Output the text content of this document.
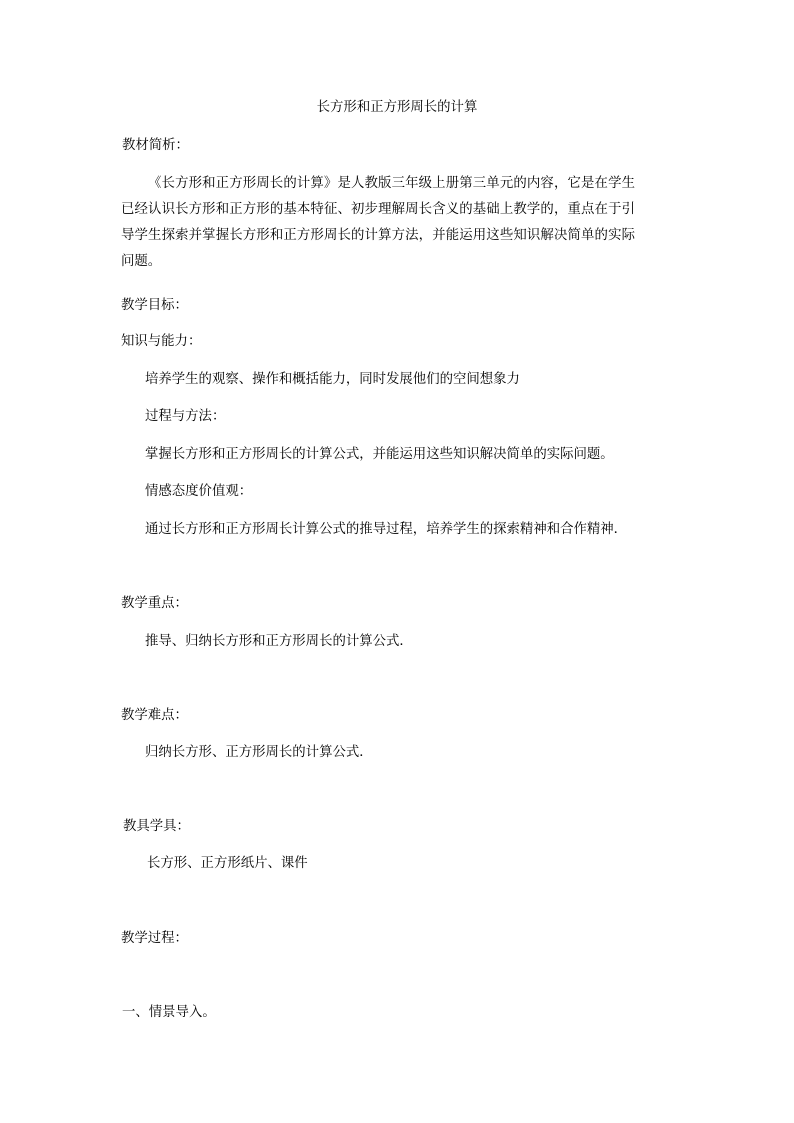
长方形和正方形周长的计算
教材简析：
《长方形和正方形周长的计算》是人教版三年级上册第三单元的内容，它是在学生已经认识长方形和正方形的基本特征、初步理解周长含义的基础上教学的，重点在于引导学生探索并掌握长方形和正方形周长的计算方法，并能运用这些知识解决简单的实际问题。
教学目标：
知识与能力：
培养学生的观察、操作和概括能力，同时发展他们的空间想象力
过程与方法：
掌握长方形和正方形周长的计算公式，并能运用这些知识解决简单的实际问题。
情感态度价值观：
通过长方形和正方形周长计算公式的推导过程，培养学生的探索精神和合作精神．
教学重点：
推导、归纳长方形和正方形周长的计算公式．
教学难点：
归纳长方形、正方形周长的计算公式．
教具学具：
长方形、正方形纸片、课件
教学过程：
一、情景导入。
